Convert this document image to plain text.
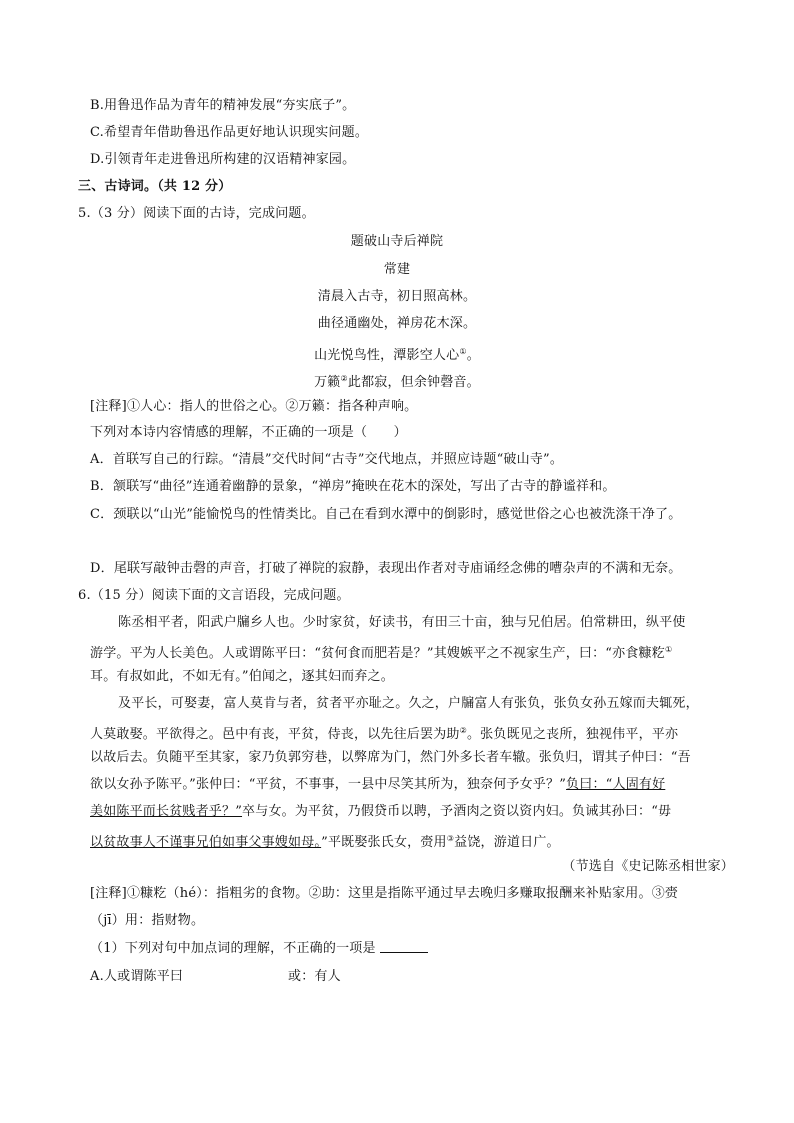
B.用鲁迅作品为青年的精神发展“夯实底子”。
C.希望青年借助鲁迅作品更好地认识现实问题。
D.引领青年走进鲁迅所构建的汉语精神家园。
三、古诗词。（共 12 分）
5.（3 分）阅读下面的古诗，完成问题。
题破山寺后禅院
常建
清晨入古寺，初日照高林。
曲径通幽处，禅房花木深。
山光悦鸟性，潭影空人心①。
万籁②此都寂，但余钟磬音。
[注释]①人心：指人的世俗之心。②万籁：指各种声响。
下列对本诗内容情感的理解，不正确的一项是（　　）
A．首联写自己的行踪。“清晨”交代时间“古寺”交代地点，并照应诗题“破山寺”。
B．颔联写“曲径”连通着幽静的景象，“禅房”掩映在花木的深处，写出了古寺的静谧祥和。
C．颈联以“山光”能愉悦鸟的性情类比。自己在看到水潭中的倒影时，感觉世俗之心也被洗涤干净了。
D．尾联写敲钟击磬的声音，打破了禅院的寂静，表现出作者对寺庙诵经念佛的嘈杂声的不满和无奈。
6.（15 分）阅读下面的文言语段，完成问题。
陈丞相平者，阳武户牖乡人也。少时家贫，好读书，有田三十亩，独与兄伯居。伯常耕田，纵平使
游学。平为人长美色。人或谓陈平曰：“贫何食而肥若是？”其嫂嫉平之不视家生产，曰：“亦食糠籺①
耳。有叔如此，不如无有。”伯闻之，逐其妇而弃之。
及平长，可娶妻，富人莫肯与者，贫者平亦耻之。久之，户牖富人有张负，张负女孙五嫁而夫辄死，
人莫敢娶。平欲得之。邑中有丧，平贫，侍丧，以先往后罢为助②。张负既见之丧所，独视伟平，平亦
以故后去。负随平至其家，家乃负郭穷巷，以弊席为门，然门外多长者车辙。张负归，谓其子仲曰：“吾
欲以女孙予陈平。”张仲曰：“平贫，不事事，一县中尽笑其所为，独奈何予女乎？”负曰：“人固有好
美如陈平而长贫贱者乎？”卒与女。为平贫，乃假贷币以聘，予酒肉之资以资内妇。负诫其孙曰：“毋
以贫故事人不谨事兄伯如事父事嫂如母。”平既娶张氏女，赍用③益饶，游道日广。
（节选自《史记陈丞相世家）
[注释]①糠籺（hé）：指粗劣的食物。②助：这里是指陈平通过早去晚归多赚取报酬来补贴家用。③赍
（jī）用：指财物。
（1）下列对句中加点词的理解，不正确的一项是
A.人或谓陈平曰	或：有人
